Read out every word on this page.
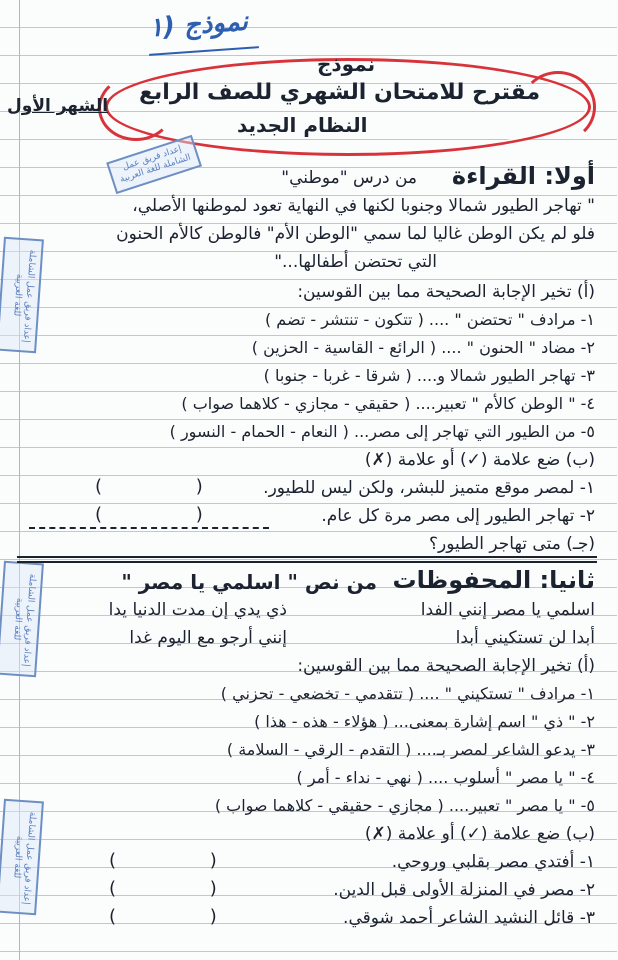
نموذج (١
نموذج
مقترح للامتحان الشهري للصف الرابع
النظام الجديد
الشهر الأول
إعداد فريق عمل الشاملة للغة العربية
إعداد فريق عمل الشاملة للغة العربية
إعداد فريق عمل الشاملة للغة العربية
إعداد فريق عمل الشاملة للغة العربية
أولا: القراءة
من درس "موطني"
" تهاجر الطيور شمالا وجنوبا لكنها في النهاية تعود لموطنها الأصلي،
فلو لم يكن الوطن غاليا لما سمي "الوطن الأم" فالوطن كالأم الحنون
التي تحتضن أطفالها..."
(أ) تخير الإجابة الصحيحة مما بين القوسين:
١- مرادف " تحتضن " .... ( تتكون - تنتشر - تضم )
٢- مضاد " الحنون " .... ( الرائع - القاسية - الحزين )
٣- تهاجر الطيور شمالا و.... ( شرقا - غربا - جنوبا )
٤- " الوطن كالأم " تعبير.... ( حقيقي - مجازي - كلاهما صواب )
٥- من الطيور التي تهاجر إلى مصر... ( النعام - الحمام - النسور )
(ب) ضع علامة (✓) أو علامة (✗)
١- لمصر موقع متميز للبشر، ولكن ليس للطيور.
( )
٢- تهاجر الطيور إلى مصر مرة كل عام.
( )
(جـ) متى تهاجر الطيور؟
ثانيا: المحفوظات
من نص " اسلمي يا مصر "
اسلمي يا مصر إنني الفدا
ذي يدي إن مدت الدنيا يدا
أبدا لن تستكيني أبدا
إنني أرجو مع اليوم غدا
(أ) تخير الإجابة الصحيحة مما بين القوسين:
١- مرادف " تستكيني " .... ( تتقدمي - تخضعي - تحزني )
٢- " ذي " اسم إشارة بمعنى... ( هؤلاء - هذه - هذا )
٣- يدعو الشاعر لمصر بـ.... ( التقدم - الرقي - السلامة )
٤- " يا مصر " أسلوب .... ( نهي - نداء - أمر )
٥- " يا مصر " تعبير.... ( مجازي - حقيقي - كلاهما صواب )
(ب) ضع علامة (✓) أو علامة (✗)
١- أفتدي مصر بقلبي وروحي.
( )
٢- مصر في المنزلة الأولى قبل الدين.
( )
٣- قائل النشيد الشاعر أحمد شوقي.
( )
